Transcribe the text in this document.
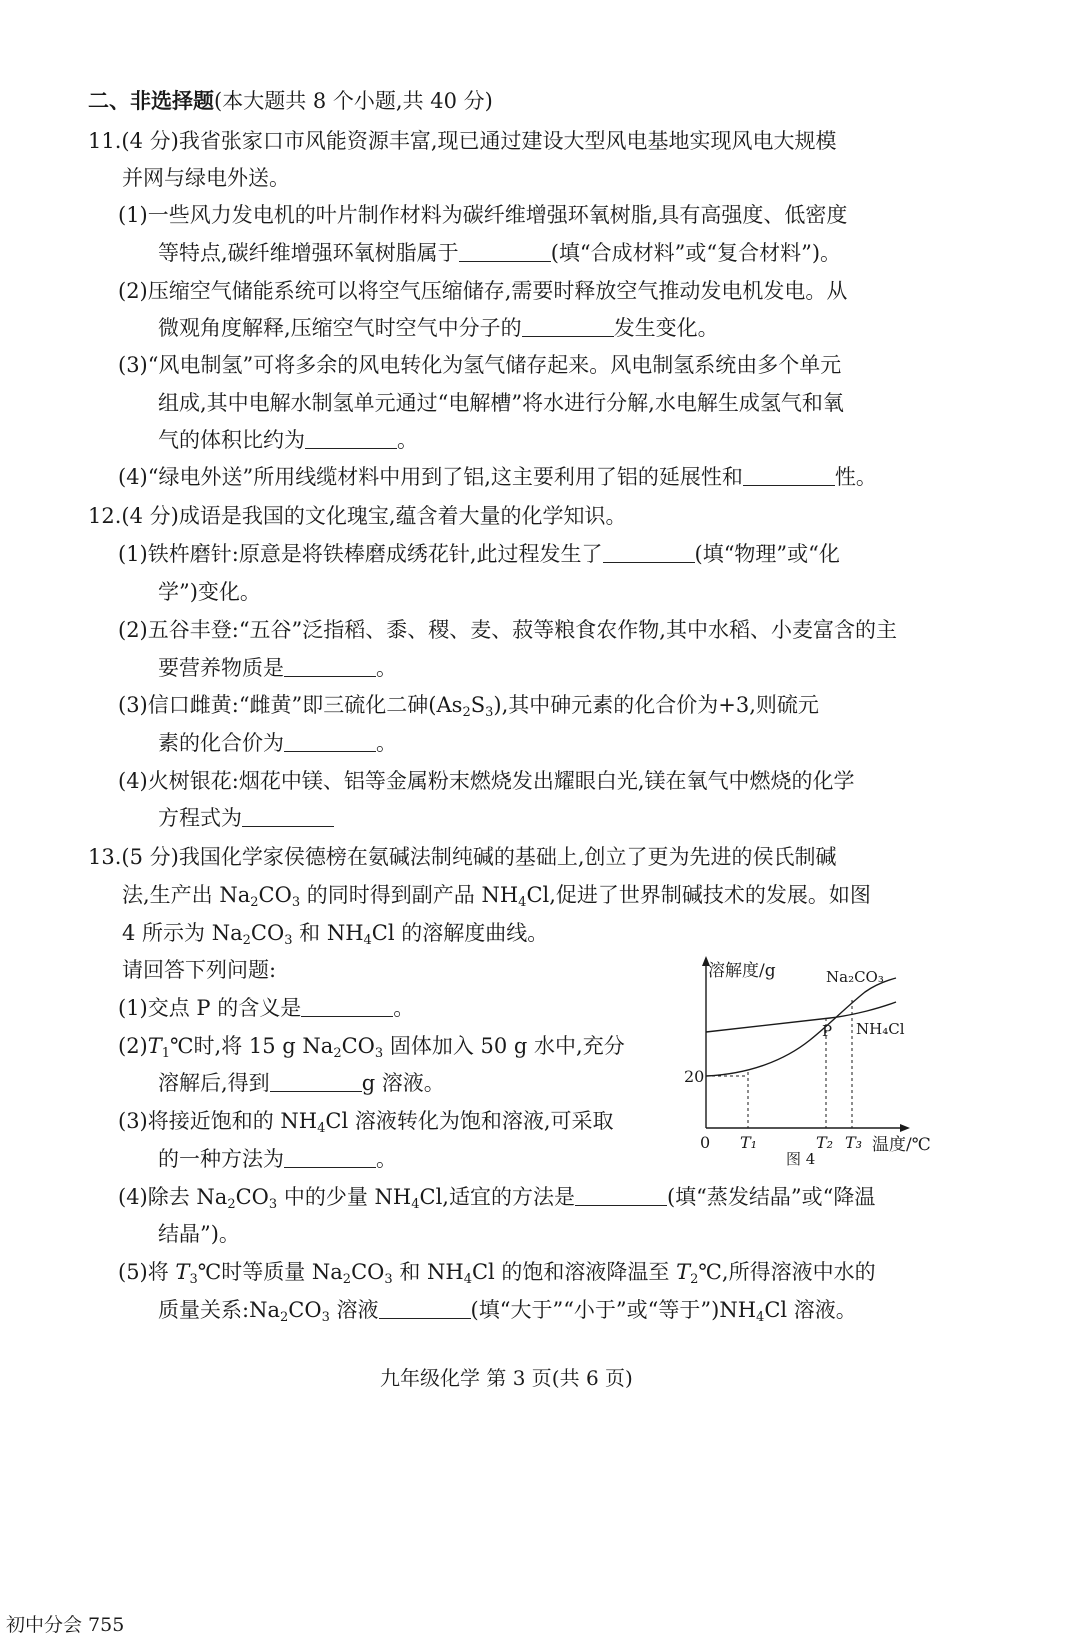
二、非选择题(本大题共 8 个小题,共 40 分)
11.(4 分)我省张家口市风能资源丰富,现已通过建设大型风电基地实现风电大规模
并网与绿电外送。
(1)一些风力发电机的叶片制作材料为碳纤维增强环氧树脂,具有高强度、低密度
等特点,碳纤维增强环氧树脂属于	(填“合成材料”或“复合材料”)。
(2)压缩空气储能系统可以将空气压缩储存,需要时释放空气推动发电机发电。从
微观角度解释,压缩空气时空气中分子的	发生变化。
(3)“风电制氢”可将多余的风电转化为氢气储存起来。风电制氢系统由多个单元
组成,其中电解水制氢单元通过“电解槽”将水进行分解,水电解生成氢气和氧
气的体积比约为	。
(4)“绿电外送”所用线缆材料中用到了铝,这主要利用了铝的延展性和	性。
12.(4 分)成语是我国的文化瑰宝,蕴含着大量的化学知识。
(1)铁杵磨针:原意是将铁棒磨成绣花针,此过程发生了	(填“物理”或“化
学”)变化。
(2)五谷丰登:“五谷”泛指稻、黍、稷、麦、菽等粮食农作物,其中水稻、小麦富含的主
要营养物质是	。
(3)信口雌黄:“雌黄”即三硫化二砷$(As_2S_3)$,其中砷元素的化合价为+3,则硫元
素的化合价为	。
(4)火树银花:烟花中镁、铝等金属粉末燃烧发出耀眼白光,镁在氧气中燃烧的化学
方程式为
13.(5 分)我国化学家侯德榜在氨碱法制纯碱的基础上,创立了更为先进的侯氏制碱
法,生产出 $Na_2CO_3$ 的同时得到副产品 $NH_4Cl$,促进了世界制碱技术的发展。如图
4 所示为 $Na_2CO_3$ 和 $NH_4Cl$ 的溶解度曲线。
请回答下列问题:
(1)交点 P 的含义是	。
$(2)T_1℃$时,将 15 g $Na_2CO_3$ 固体加入 50 g 水中,充分
溶解后,得到	g 溶液。
(3)将接近饱和的 $NH_4Cl$ 溶液转化为饱和溶液,可采取
的一种方法为	。
(4)除去 $Na_2CO_3$ 中的少量 $NH_4Cl$,适宜的方法是	(填“蒸发结晶”或“降温
结晶”)。
(5)将 $T_3℃$时等质量 $Na_2CO_3$ 和 $NH_4Cl$ 的饱和溶液降温至 $T_2℃$,所得溶液中水的
质量关系$:Na_2CO_3$ 溶液	(填“大于”“小于”或“等于$”)NH_4Cl$ 溶液。
溶解度/g	Na₂CO₃
NH₄Cl
P
20
0 T₁	T₂ T₃ 温度/℃
图 4
九年级化学 第 3 页(共 6 页)
初中分会 755
